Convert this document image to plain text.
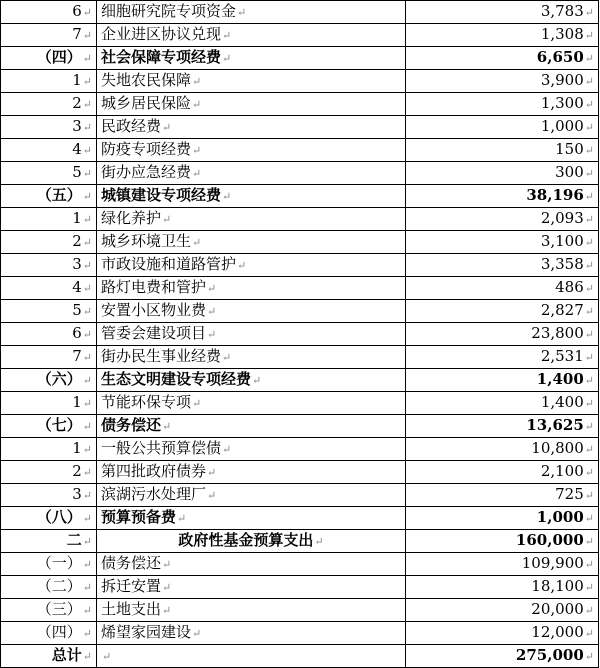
6↵	细胞研究院专项资金↵	3,783↵
7↵	企业进区协议兑现↵	1,308↵
（四）↵	社会保障专项经费↵	6,650↵
1↵	失地农民保障↵	3,900↵
2↵	城乡居民保险↵	1,300↵
3↵	民政经费↵	1,000↵
4↵	防疫专项经费↵	150↵
5↵	街办应急经费↵	300↵
（五）↵	城镇建设专项经费↵	38,196↵
1↵	绿化养护↵	2,093↵
2↵	城乡环境卫生↵	3,100↵
3↵	市政设施和道路管护↵	3,358↵
4↵	路灯电费和管护↵	486↵
5↵	安置小区物业费↵	2,827↵
6↵	管委会建设项目↵	23,800↵
7↵	街办民生事业经费↵	2,531↵
（六）↵	生态文明建设专项经费↵	1,400↵
1↵	节能环保专项↵	1,400↵
（七）↵	债务偿还↵	13,625↵
1↵	一般公共预算偿债↵	10,800↵
2↵	第四批政府债券↵	2,100↵
3↵	滨湖污水处理厂↵	725↵
（八）↵	预算预备费↵	1,000↵
二↵	政府性基金预算支出↵	160,000↵
（一）↵	债务偿还↵	109,900↵
（二）↵	拆迁安置↵	18,100↵
（三）↵	土地支出↵	20,000↵
（四）↵	烯望家园建设↵	12,000↵
总计↵	↵	275,000↵
